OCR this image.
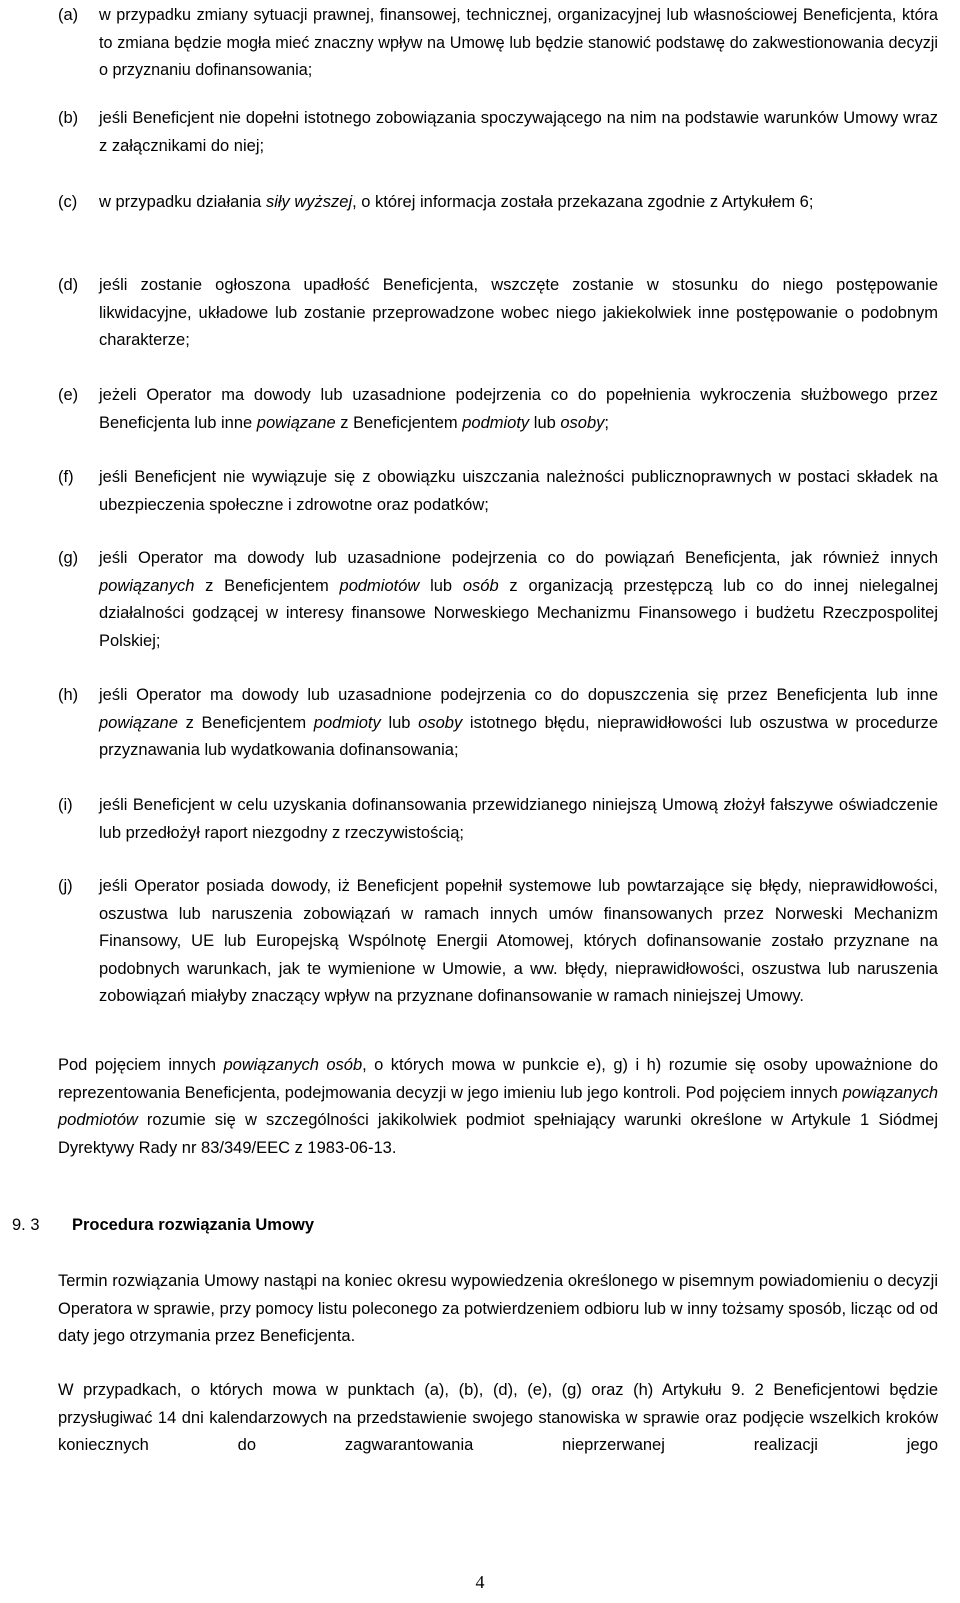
(a) w przypadku zmiany sytuacji prawnej, finansowej, technicznej, organizacyjnej lub własnościowej Beneficjenta, która to zmiana będzie mogła mieć znaczny wpływ na Umowę lub będzie stanowić podstawę do zakwestionowania decyzji o przyznaniu dofinansowania;
(b) jeśli Beneficjent nie dopełni istotnego zobowiązania spoczywającego na nim na podstawie warunków Umowy wraz z załącznikami do niej;
(c) w przypadku działania siły wyższej, o której informacja została przekazana zgodnie z Artykułem 6;
(d) jeśli zostanie ogłoszona upadłość Beneficjenta, wszczęte zostanie w stosunku do niego postępowanie likwidacyjne, układowe lub zostanie przeprowadzone wobec niego jakiekolwiek inne postępowanie o podobnym charakterze;
(e) jeżeli Operator ma dowody lub uzasadnione podejrzenia co do popełnienia wykroczenia służbowego przez Beneficjenta lub inne powiązane z Beneficjentem podmioty lub osoby;
(f) jeśli Beneficjent nie wywiązuje się z obowiązku uiszczania należności publicznoprawnych w postaci składek na ubezpieczenia społeczne i zdrowotne oraz podatków;
(g) jeśli Operator ma dowody lub uzasadnione podejrzenia co do powiązań Beneficjenta, jak również innych powiązanych z Beneficjentem podmiotów lub osób z organizacją przestępczą lub co do innej nielegalnej działalności godzącej w interesy finansowe Norweskiego Mechanizmu Finansowego i budżetu Rzeczpospolitej Polskiej;
(h) jeśli Operator ma dowody lub uzasadnione podejrzenia co do dopuszczenia się przez Beneficjenta lub inne powiązane z Beneficjentem podmioty lub osoby istotnego błędu, nieprawidłowości lub oszustwa w procedurze przyznawania lub wydatkowania dofinansowania;
(i) jeśli Beneficjent w celu uzyskania dofinansowania przewidzianego niniejszą Umową złożył fałszywe oświadczenie lub przedłożył raport niezgodny z rzeczywistością;
(j) jeśli Operator posiada dowody, iż Beneficjent popełnił systemowe lub powtarzające się błędy, nieprawidłowości, oszustwa lub naruszenia zobowiązań w ramach innych umów finansowanych przez Norweski Mechanizm Finansowy, UE lub Europejską Wspólnotę Energii Atomowej, których dofinansowanie zostało przyznane na podobnych warunkach, jak te wymienione w Umowie, a ww. błędy, nieprawidłowości, oszustwa lub naruszenia zobowiązań miałyby znaczący wpływ na przyznane dofinansowanie w ramach niniejszej Umowy.
Pod pojęciem innych powiązanych osób, o których mowa w punkcie e), g) i h) rozumie się osoby upoważnione do reprezentowania Beneficjenta, podejmowania decyzji w jego imieniu lub jego kontroli. Pod pojęciem innych powiązanych podmiotów rozumie się w szczególności jakikolwiek podmiot spełniający warunki określone w Artykule 1 Siódmej Dyrektywy Rady nr 83/349/EEC z 1983-06-13.
9. 3 Procedura rozwiązania Umowy
Termin rozwiązania Umowy nastąpi na koniec okresu wypowiedzenia określonego w pisemnym powiadomieniu o decyzji Operatora w sprawie, przy pomocy listu poleconego za potwierdzeniem odbioru lub w inny tożsamy sposób, licząc od od daty jego otrzymania przez Beneficjenta.
W przypadkach, o których mowa w punktach (a), (b), (d), (e), (g) oraz (h) Artykułu 9. 2 Beneficjentowi będzie przysługiwać 14 dni kalendarzowych na przedstawienie swojego stanowiska w sprawie oraz podjęcie wszelkich kroków koniecznych do zagwarantowania nieprzerwanej realizacji jego
4
